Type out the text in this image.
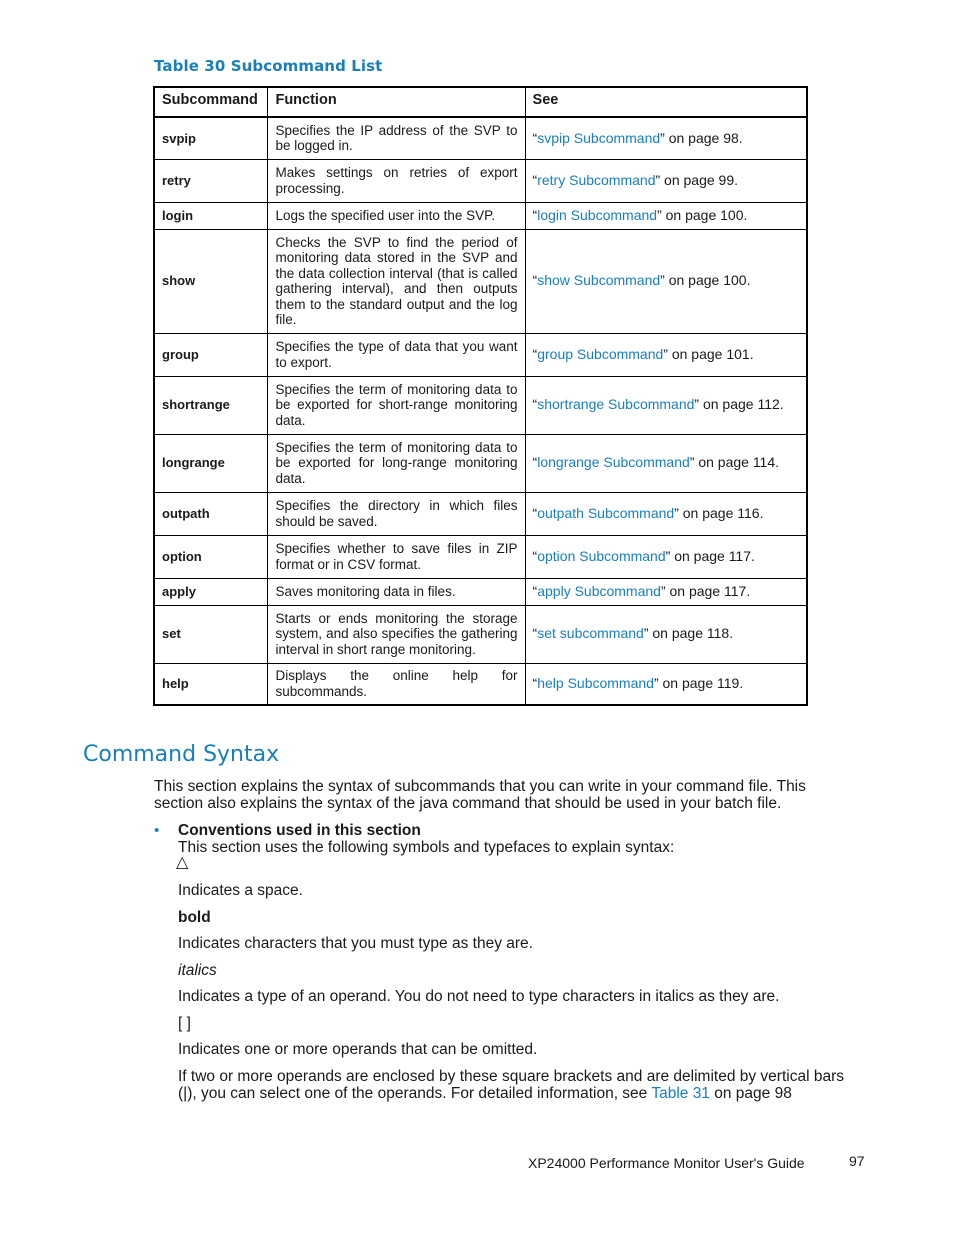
Table 30 Subcommand List
Subcommand	Function	See
svpip	Specifies the IP address of the SVP to be logged in.	“svpip Subcommand” on page 98.
retry	Makes settings on retries of export processing.	“retry Subcommand” on page 99.
login	Logs the specified user into the SVP.	“login Subcommand” on page 100.
show	Checks the SVP to find the period of monitoring data stored in the SVP and the data collection interval (that is called gathering interval), and then outputs them to the standard output and the log file.	“show Subcommand” on page 100.
group	Specifies the type of data that you want to export.	“group Subcommand” on page 101.
shortrange	Specifies the term of monitoring data to be exported for short-range monitoring data.	“shortrange Subcommand” on page 112.
longrange	Specifies the term of monitoring data to be exported for long-range monitoring data.	“longrange Subcommand” on page 114.
outpath	Specifies the directory in which files should be saved.	“outpath Subcommand” on page 116.
option	Specifies whether to save files in ZIP format or in CSV format.	“option Subcommand” on page 117.
apply	Saves monitoring data in files.	“apply Subcommand” on page 117.
set	Starts or ends monitoring the storage system, and also specifies the gathering interval in short range monitoring.	“set subcommand” on page 118.
help	Displays the online help for subcommands.	“help Subcommand” on page 119.
Command Syntax
This section explains the syntax of subcommands that you can write in your command file. This section also explains the syntax of the java command that should be used in your batch file.
• Conventions used in this section
This section uses the following symbols and typefaces to explain syntax:
△
Indicates a space.
bold
Indicates characters that you must type as they are.
italics
Indicates a type of an operand. You do not need to type characters in italics as they are.
[ ]
Indicates one or more operands that can be omitted.
If two or more operands are enclosed by these square brackets and are delimited by vertical bars (|), you can select one of the operands. For detailed information, see Table 31 on page 98
XP24000 Performance Monitor User's Guide	97
